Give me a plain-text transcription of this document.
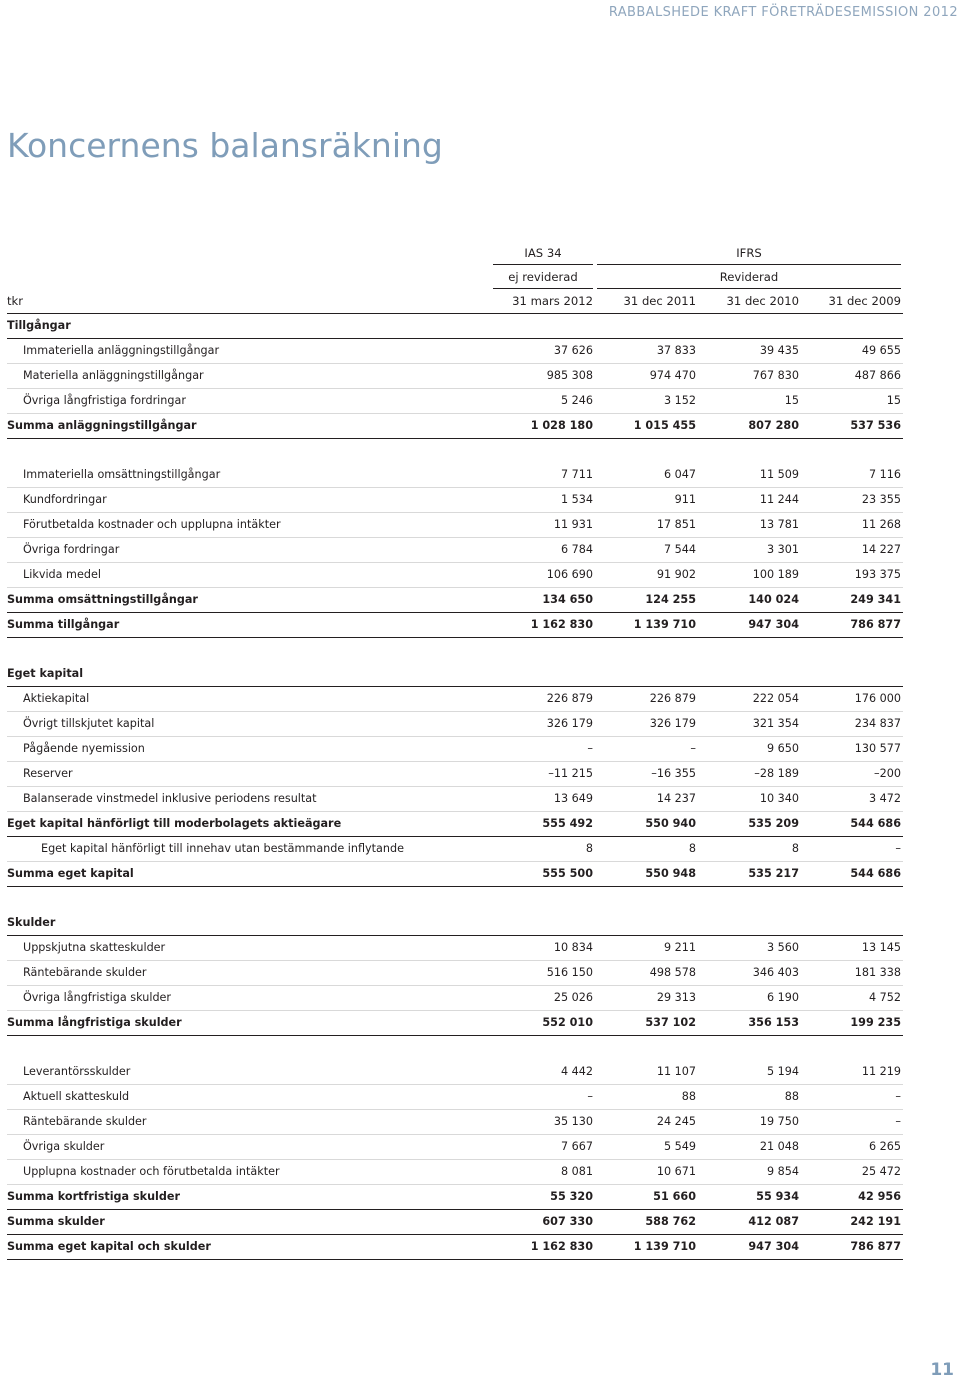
RABBALSHEDE KRAFT FÖRETRÄDESEMISSION 2012
Koncernens balansräkning
IAS 34	IFRS
ej reviderad	Reviderad
tkr	31 mars 2012	31 dec 2011	31 dec 2010	31 dec 2009
Tillgångar
Immateriella anläggningstillgångar	37 626	37 833	39 435	49 655
Materiella anläggningstillgångar	985 308	974 470	767 830	487 866
Övriga långfristiga fordringar	5 246	3 152	15	15
Summa anläggningstillgångar	1 028 180	1 015 455	807 280	537 536
Immateriella omsättningstillgångar	7 711	6 047	11 509	7 116
Kundfordringar	1 534	911	11 244	23 355
Förutbetalda kostnader och upplupna intäkter	11 931	17 851	13 781	11 268
Övriga fordringar	6 784	7 544	3 301	14 227
Likvida medel	106 690	91 902	100 189	193 375
Summa omsättningstillgångar	134 650	124 255	140 024	249 341
Summa tillgångar	1 162 830	1 139 710	947 304	786 877
Eget kapital
Aktiekapital	226 879	226 879	222 054	176 000
Övrigt tillskjutet kapital	326 179	326 179	321 354	234 837
Pågående nyemission	–	–	9 650	130 577
Reserver	–11 215	–16 355	–28 189	–200
Balanserade vinstmedel inklusive periodens resultat	13 649	14 237	10 340	3 472
Eget kapital hänförligt till moderbolagets aktieägare	555 492	550 940	535 209	544 686
Eget kapital hänförligt till innehav utan bestämmande inflytande	8	8	8	–
Summa eget kapital	555 500	550 948	535 217	544 686
Skulder
Uppskjutna skatteskulder	10 834	9 211	3 560	13 145
Räntebärande skulder	516 150	498 578	346 403	181 338
Övriga långfristiga skulder	25 026	29 313	6 190	4 752
Summa långfristiga skulder	552 010	537 102	356 153	199 235
Leverantörsskulder	4 442	11 107	5 194	11 219
Aktuell skatteskuld	–	88	88	–
Räntebärande skulder	35 130	24 245	19 750	–
Övriga skulder	7 667	5 549	21 048	6 265
Upplupna kostnader och förutbetalda intäkter	8 081	10 671	9 854	25 472
Summa kortfristiga skulder	55 320	51 660	55 934	42 956
Summa skulder	607 330	588 762	412 087	242 191
Summa eget kapital och skulder	1 162 830	1 139 710	947 304	786 877
11
